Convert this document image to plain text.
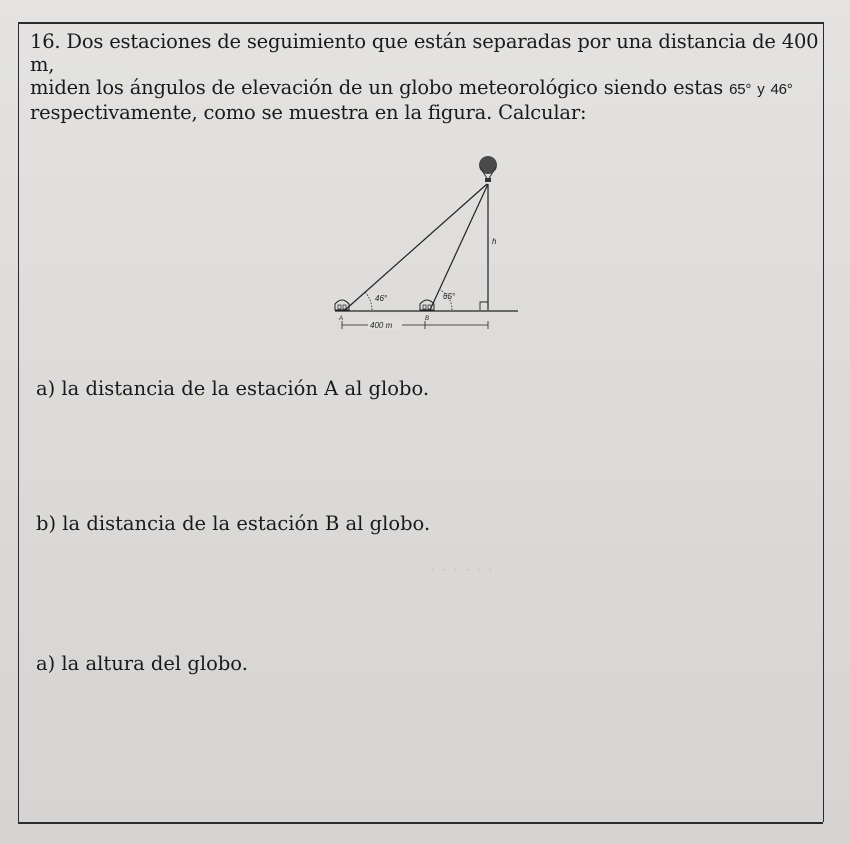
· · · · · ·
16. Dos estaciones de seguimiento que están separadas por una distancia de 400 m,
miden los ángulos de elevación de un globo meteorológico siendo estas 65° y 46°
respectivamente, como se muestra en la figura. Calcular:
h
46°	65°
A	B
400 m
a) la distancia de la estación A al globo.
b) la distancia de la estación B al globo.
a) la altura del globo.
